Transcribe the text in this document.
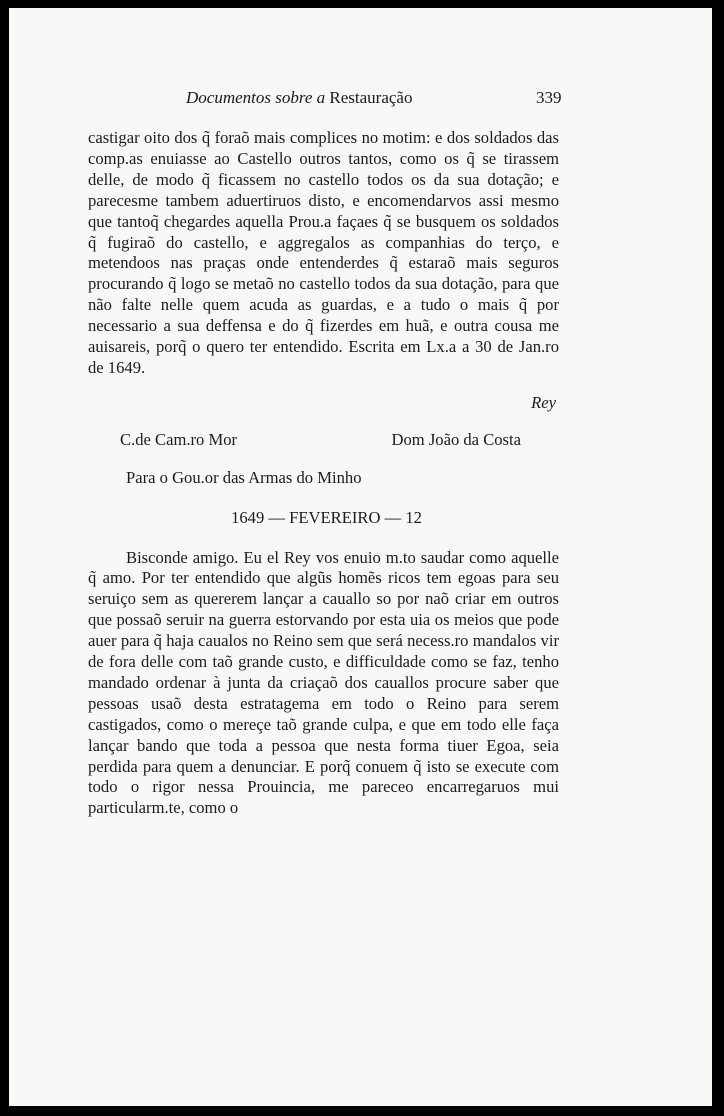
Documentos sobre a Restauração	339

castigar oito dos q̃ foraõ mais complices no motim: e dos soldados das comp.as enuiasse ao Castello outros tantos, como os q̃ se tirassem delle, de modo q̃ ficassem no castello todos os da sua dotação; e parecesme tambem aduertiruos disto, e encomendarvos assi mesmo que tantoq̃ chegardes aquella Prou.a façaes q̃ se busquem os soldados q̃ fugiraõ do castello, e aggregalos as companhias do terço, e metendoos nas praças onde entenderdes q̃ estaraõ mais seguros procurando q̃ logo se metaõ no castello todos da sua dotação, para que não falte nelle quem acuda as guardas, e a tudo o mais q̃ por necessario a sua deffensa e do q̃ fizerdes em huã, e outra cousa me auisareis, porq̃ o quero ter entendido. Escrita em Lx.a a 30 de Jan.ro de 1649.

Rey
C.de Cam.ro Mor	Dom João da Costa
Para o Gou.or das Armas do Minho
1649 — FEVEREIRO — 12

Bisconde amigo. Eu el Rey vos enuio m.to saudar como aquelle q̃ amo. Por ter entendido que algũs homẽs ricos tem egoas para seu seruiço sem as quererem lançar a cauallo so por naõ criar em outros que possaõ seruir na guerra estorvando por esta uia os meios que pode auer para q̃ haja caualos no Reino sem que será necess.ro mandalos vir de fora delle com taõ grande custo, e difficuldade como se faz, tenho mandado ordenar à junta da criaçaõ dos cauallos procure saber que pessoas usaõ desta estratagema em todo o Reino para serem castigados, como o mereçe taõ grande culpa, e que em todo elle faça lançar bando que toda a pessoa que nesta forma tiuer Egoa, seia perdida para quem a denunciar. E porq̃ conuem q̃ isto se execute com todo o rigor nessa Prouincia, me pareceo encarregaruos mui particularm.te, como o
